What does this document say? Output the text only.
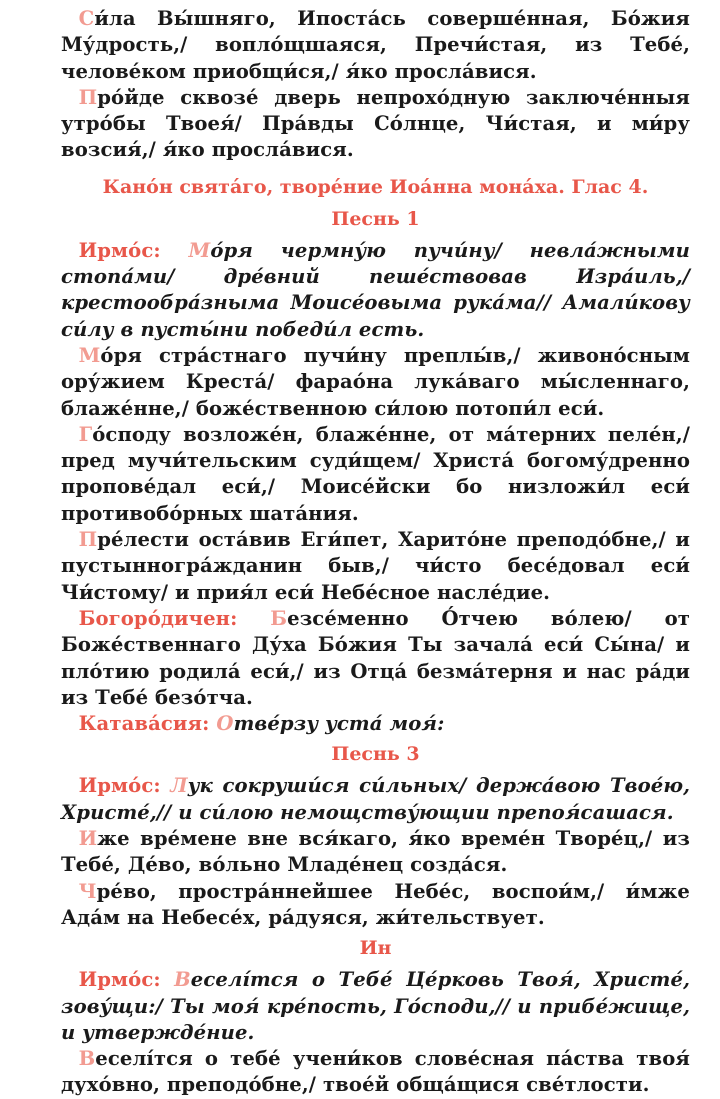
Си́ла Вы́шняго, Ипоста́сь соверше́нная, Бо́жия Му́дрость,/ вопло́щшаяся, Пречи́стая, из Тебе́, челове́ком приобщи́ся,/ я́ко просла́вися.

Про́йде сквозе́ дверь непрохо́дную заключе́нныя утро́бы Твоея́/ Пра́вды Со́лнце, Чи́стая, и ми́ру возсия́,/ я́ко просла́вися.

Кано́н свята́го, творе́ние Иоа́нна мона́ха. Глас 4.
Песнь 1

Ирмо́с: Мо́ря чермну́ю пучи́ну/ невла́жными стопа́ми/ дре́вний пеше́ствовав Изра́иль,/ крестообра́зныма Моисе́овыма рука́ма// Амали́кову си́лу в пусты́ни победи́л есть.

Мо́ря стра́стнаго пучи́ну преплы́в,/ живоно́сным ору́жием Креста́/ фарао́на лука́ваго мы́сленнаго, блаже́нне,/ боже́ственною си́лою потопи́л еси́.

Го́споду возложе́н, блаже́нне, от ма́терних пеле́н,/ пред мучи́тельским суди́щем/ Христа́ богому́дренно пропове́дал еси́,/ Моисе́йски бо низложи́л еси́ противобо́рных шата́ния.

Пре́лести оста́вив Еги́пет, Харито́не преподо́бне,/ и пустынногра́жданин быв,/ чи́сто бесе́довал еси́ Чи́стому/ и прия́л еси́ Небе́сное насле́дие.

Богоро́дичен: Безсе́менно О́тчею во́лею/ от Боже́ственнаго Ду́ха Бо́жия Ты зачала́ еси́ Сы́на/ и пло́тию родила́ еси́,/ из Отца́ безма́терня и нас ра́ди из Тебе́ безо́тча.

Катава́сия: Отве́рзу уста́ моя́:

Песнь 3

Ирмо́с: Лук сокруши́ся си́льных/ держа́вою Твое́ю, Христе́,// и си́лою немощству́ющии препоя́сашася.

Иже вре́мене вне вся́каго, я́ко време́н Творе́ц,/ из Тебе́, Де́во, во́льно Младе́нец созда́ся.

Чре́во, простра́ннейшее Небе́с, воспои́м,/ и́мже Ада́м на Небесе́х, ра́дуяся, жи́тельствует.

Ин

Ирмо́с: Веселі́тся о Тебе́ Це́рковь Твоя́, Христе́, зову́щи:/ Ты моя́ кре́пость, Го́споди,// и прибе́жище, и утвержде́ние.

Веселі́тся о тебе́ учени́ков слове́сная па́ства твоя́ духо́вно, преподо́бне,/ твое́й обща́щися све́тлости.
